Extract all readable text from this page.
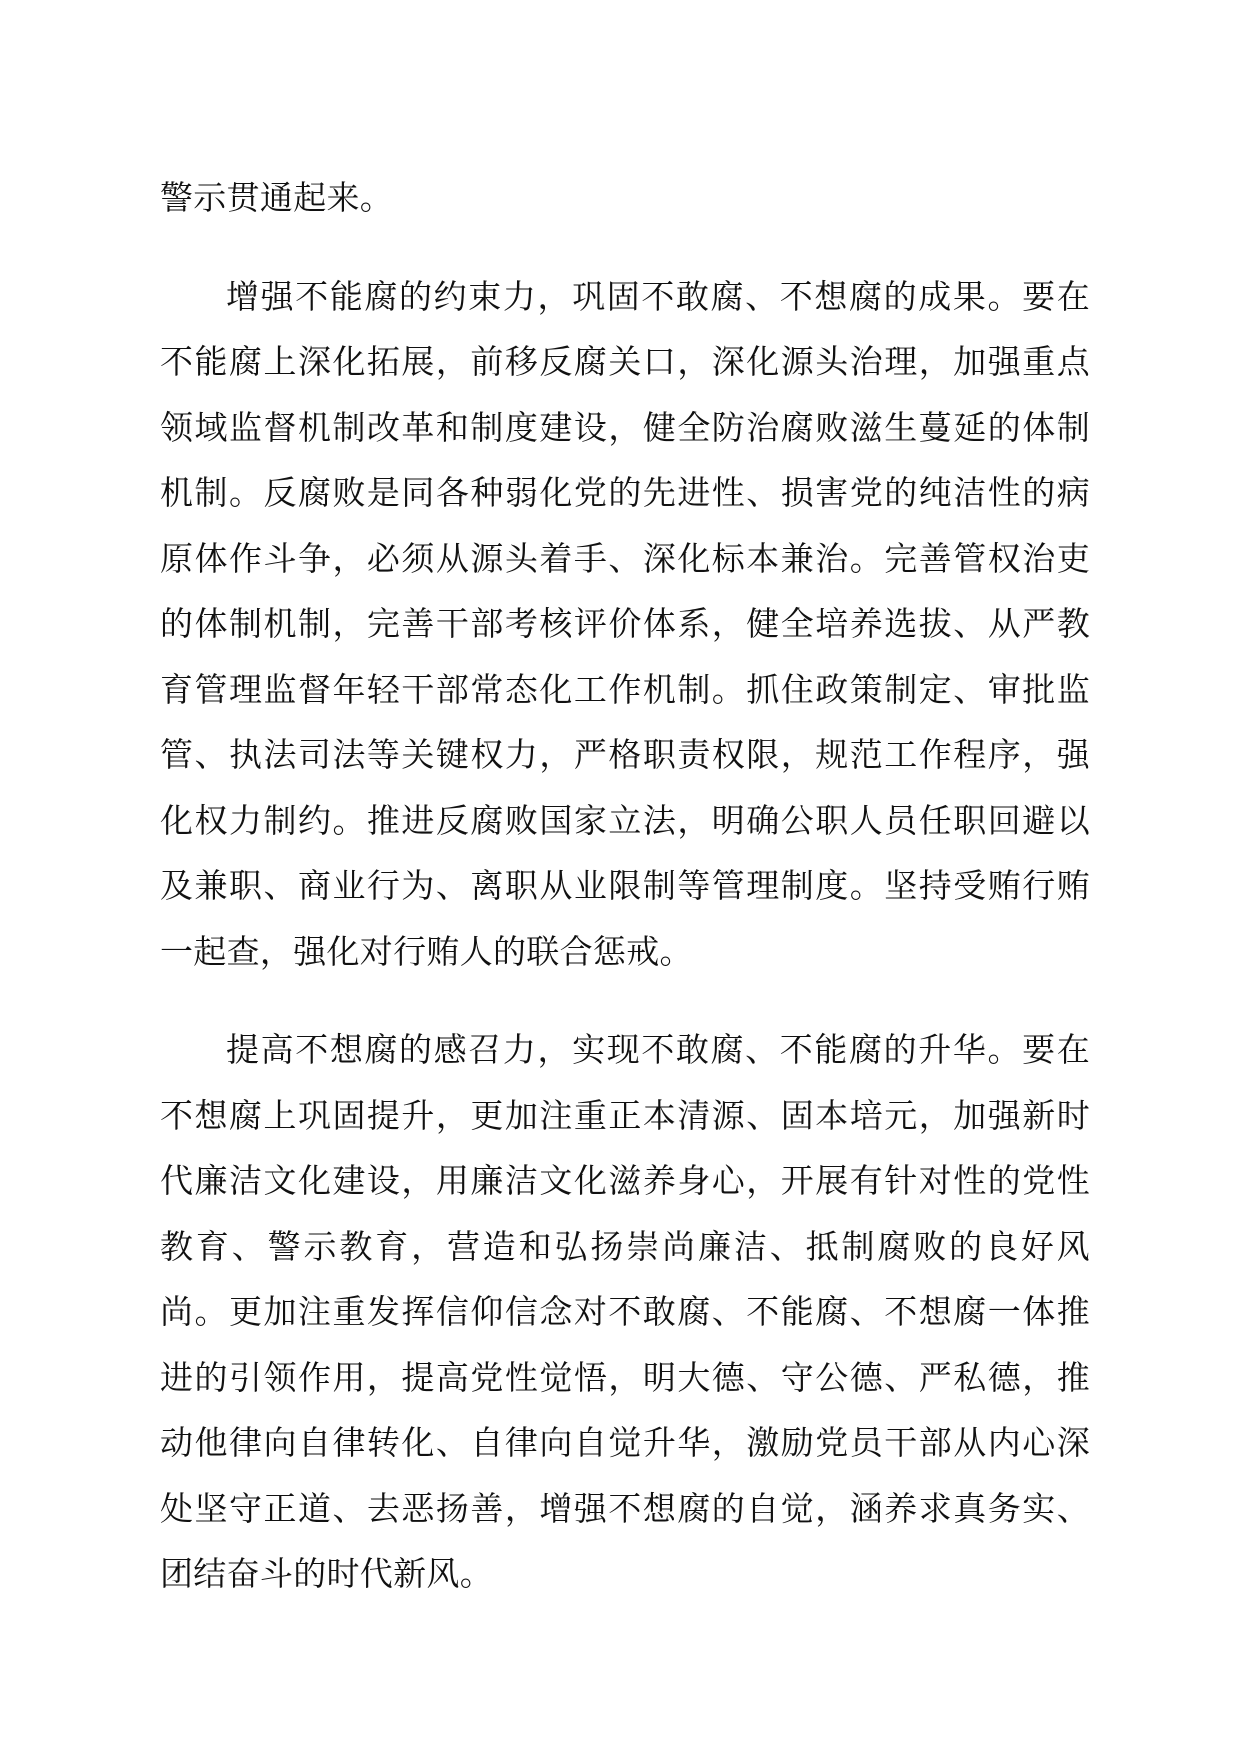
警示贯通起来。

增强不能腐的约束力，巩固不敢腐、不想腐的成果。要在不能腐上深化拓展，前移反腐关口，深化源头治理，加强重点领域监督机制改革和制度建设，健全防治腐败滋生蔓延的体制机制。反腐败是同各种弱化党的先进性、损害党的纯洁性的病原体作斗争，必须从源头着手、深化标本兼治。完善管权治吏的体制机制，完善干部考核评价体系，健全培养选拔、从严教育管理监督年轻干部常态化工作机制。抓住政策制定、审批监管、执法司法等关键权力，严格职责权限，规范工作程序，强化权力制约。推进反腐败国家立法，明确公职人员任职回避以及兼职、商业行为、离职从业限制等管理制度。坚持受贿行贿一起查，强化对行贿人的联合惩戒。

提高不想腐的感召力，实现不敢腐、不能腐的升华。要在不想腐上巩固提升，更加注重正本清源、固本培元，加强新时代廉洁文化建设，用廉洁文化滋养身心，开展有针对性的党性教育、警示教育，营造和弘扬崇尚廉洁、抵制腐败的良好风尚。更加注重发挥信仰信念对不敢腐、不能腐、不想腐一体推进的引领作用，提高党性觉悟，明大德、守公德、严私德，推动他律向自律转化、自律向自觉升华，激励党员干部从内心深处坚守正道、去恶扬善，增强不想腐的自觉，涵养求真务实、团结奋斗的时代新风。
